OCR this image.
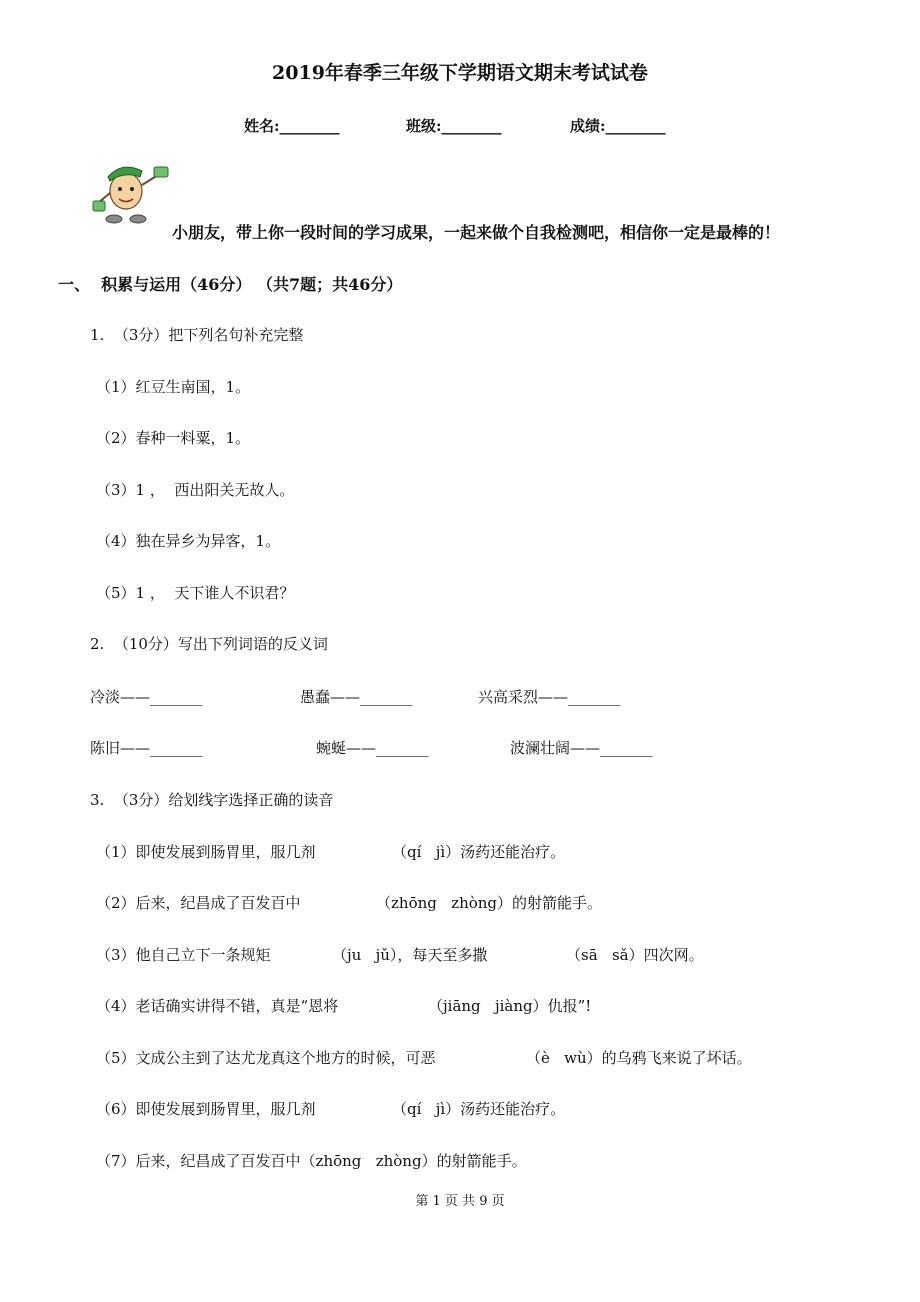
2019年春季三年级下学期语文期末考试试卷
姓名:________	班级:________	成绩:________
小朋友，带上你一段时间的学习成果，一起来做个自我检测吧，相信你一定是最棒的！
一、  积累与运用（46分） （共7题；共46分）
1.  （3分）把下列名句补充完整
（1）红豆生南国，1。
（2）春种一料粟，1。
（3）1 ，  西出阳关无故人。
（4）独在异乡为异客，1。
（5）1 ，  天下谁人不识君？
2.  （10分）写出下列词语的反义词
冷淡——_______	愚蠢——_______	兴高采烈——_______
陈旧——_______	蜿蜒——_______	波澜壮阔——_______
3.  （3分）给划线字选择正确的读音
（1）即使发展到肠胃里，服几剂	（qí   jì）汤药还能治疗。
（2）后来，纪昌成了百发百中	（zhōng   zhòng）的射箭能手。
（3）他自己立下一条规矩	（ju   jǔ），每天至多撒	（sā   sǎ）四次网。
（4）老话确实讲得不错，真是“恩将	（jiāng   jiàng）仇报”!
（5）文成公主到了达尤龙真这个地方的时候，可恶	（è   wù）的乌鸦飞来说了坏话。
（6）即使发展到肠胃里，服几剂	（qí   jì）汤药还能治疗。
（7）后来，纪昌成了百发百中（zhōng   zhòng）的射箭能手。
第 1 页 共 9 页
